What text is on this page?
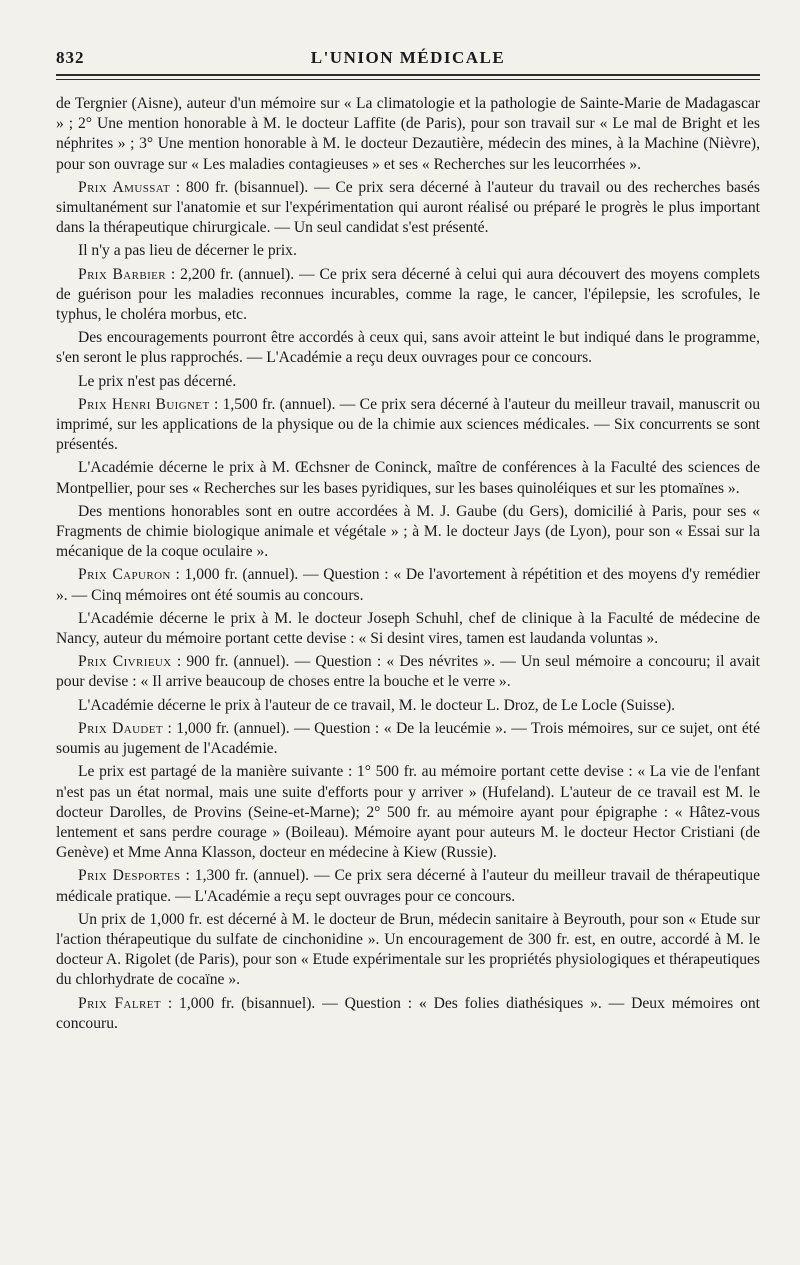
832	L'UNION MÉDICALE

de Tergnier (Aisne), auteur d'un mémoire sur « La climatologie et la pathologie de Sainte-Marie de Madagascar » ; 2° Une mention honorable à M. le docteur Laffite (de Paris), pour son travail sur « Le mal de Bright et les néphrites » ; 3° Une mention honorable à M. le docteur Dezautière, médecin des mines, à la Machine (Nièvre), pour son ouvrage sur « Les maladies contagieuses » et ses « Recherches sur les leucorrhées ».

Prix Amussat : 800 fr. (bisannuel). — Ce prix sera décerné à l'auteur du travail ou des recherches basés simultanément sur l'anatomie et sur l'expérimentation qui auront réalisé ou préparé le progrès le plus important dans la thérapeutique chirurgicale. — Un seul candidat s'est présenté.

Il n'y a pas lieu de décerner le prix.

Prix Barbier : 2,200 fr. (annuel). — Ce prix sera décerné à celui qui aura découvert des moyens complets de guérison pour les maladies reconnues incurables, comme la rage, le cancer, l'épilepsie, les scrofules, le typhus, le choléra morbus, etc.

Des encouragements pourront être accordés à ceux qui, sans avoir atteint le but indiqué dans le programme, s'en seront le plus rapprochés. — L'Académie a reçu deux ouvrages pour ce concours.

Le prix n'est pas décerné.

Prix Henri Buignet : 1,500 fr. (annuel). — Ce prix sera décerné à l'auteur du meilleur travail, manuscrit ou imprimé, sur les applications de la physique ou de la chimie aux sciences médicales. — Six concurrents se sont présentés.

L'Académie décerne le prix à M. Œchsner de Coninck, maître de conférences à la Faculté des sciences de Montpellier, pour ses « Recherches sur les bases pyridiques, sur les bases quinoléiques et sur les ptomaïnes ».

Des mentions honorables sont en outre accordées à M. J. Gaube (du Gers), domicilié à Paris, pour ses « Fragments de chimie biologique animale et végétale » ; à M. le docteur Jays (de Lyon), pour son « Essai sur la mécanique de la coque oculaire ».

Prix Capuron : 1,000 fr. (annuel). — Question : « De l'avortement à répétition et des moyens d'y remédier ». — Cinq mémoires ont été soumis au concours.

L'Académie décerne le prix à M. le docteur Joseph Schuhl, chef de clinique à la Faculté de médecine de Nancy, auteur du mémoire portant cette devise : « Si desint vires, tamen est laudanda voluntas ».

Prix Civrieux : 900 fr. (annuel). — Question : « Des névrites ». — Un seul mémoire a concouru; il avait pour devise : « Il arrive beaucoup de choses entre la bouche et le verre ».

L'Académie décerne le prix à l'auteur de ce travail, M. le docteur L. Droz, de Le Locle (Suisse).

Prix Daudet : 1,000 fr. (annuel). — Question : « De la leucémie ». — Trois mémoires, sur ce sujet, ont été soumis au jugement de l'Académie.

Le prix est partagé de la manière suivante : 1° 500 fr. au mémoire portant cette devise : « La vie de l'enfant n'est pas un état normal, mais une suite d'efforts pour y arriver » (Hufeland). L'auteur de ce travail est M. le docteur Darolles, de Provins (Seine-et-Marne); 2° 500 fr. au mémoire ayant pour épigraphe : « Hâtez-vous lentement et sans perdre courage » (Boileau). Mémoire ayant pour auteurs M. le docteur Hector Cristiani (de Genève) et Mme Anna Klasson, docteur en médecine à Kiew (Russie).

Prix Desportes : 1,300 fr. (annuel). — Ce prix sera décerné à l'auteur du meilleur travail de thérapeutique médicale pratique. — L'Académie a reçu sept ouvrages pour ce concours.

Un prix de 1,000 fr. est décerné à M. le docteur de Brun, médecin sanitaire à Beyrouth, pour son « Etude sur l'action thérapeutique du sulfate de cinchonidine ». Un encouragement de 300 fr. est, en outre, accordé à M. le docteur A. Rigolet (de Paris), pour son « Etude expérimentale sur les propriétés physiologiques et thérapeutiques du chlorhydrate de cocaïne ».

Prix Falret : 1,000 fr. (bisannuel). — Question : « Des folies diathésiques ». — Deux mémoires ont concouru.
